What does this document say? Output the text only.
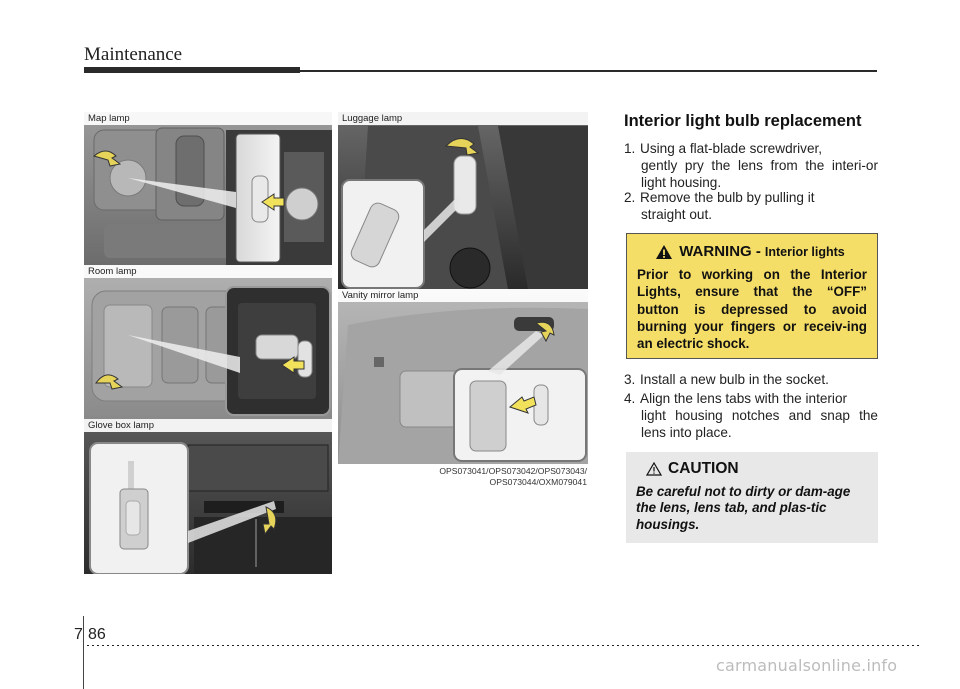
Maintenance
Map lamp
Room lamp
Glove box lamp
Luggage lamp
Vanity mirror lamp
OPS073041/OPS073042/OPS073043/
OPS073044/OXM079041
Interior light bulb replacement
1. Using a flat-blade screwdriver,
gently pry the lens from the interi-or light housing.
2. Remove the bulb by pulling it
straight out.
WARNING - Interior lights
Prior to working on the Interior Lights, ensure that the “OFF” button is depressed to avoid burning your fingers or receiv-ing an electric shock.
3. Install a new bulb in the socket.
4. Align the lens tabs with the interior
light housing notches and snap the lens into place.
CAUTION
Be careful not to dirty or dam-age the lens, lens tab, and plas-tic housings.
7 86
carmanualsonline.info
